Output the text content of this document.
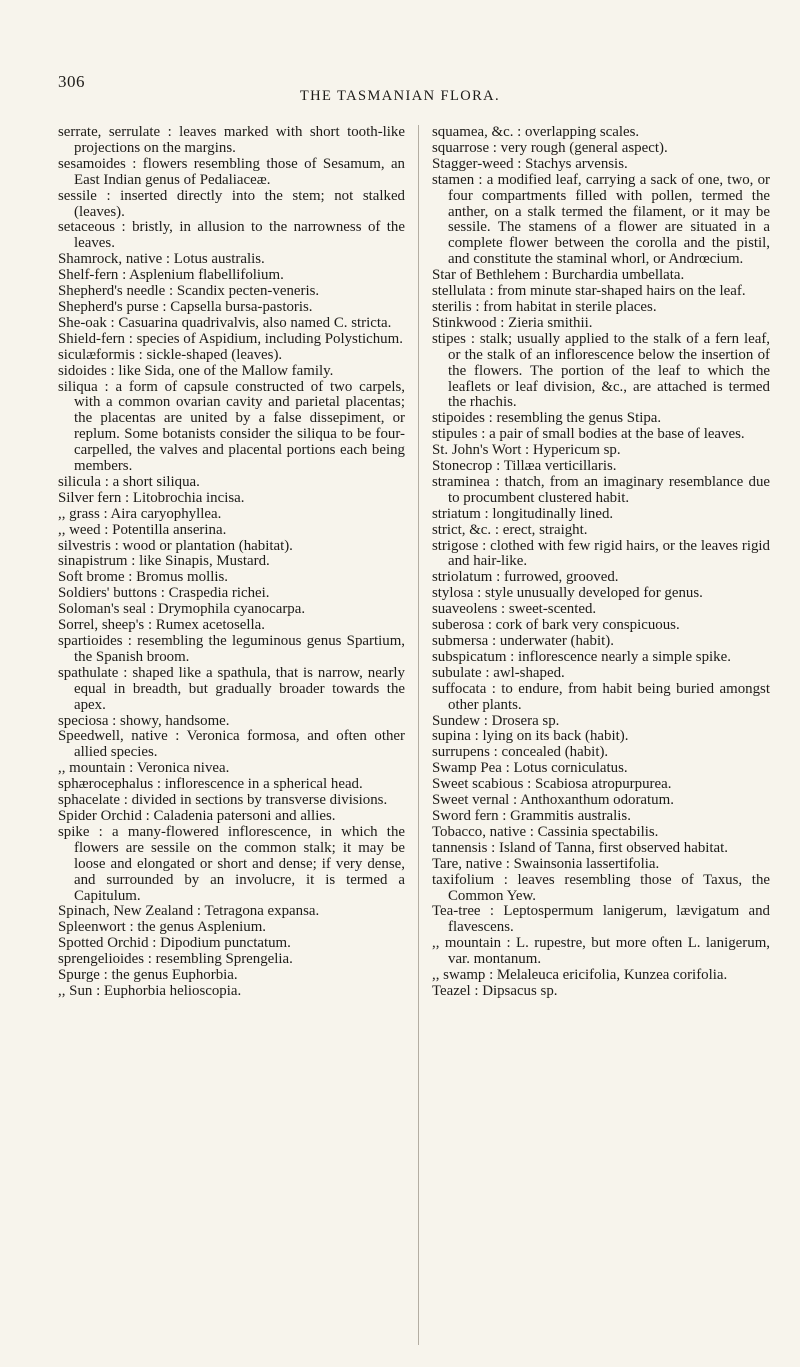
306
THE TASMANIAN FLORA.

serrate, serrulate : leaves marked with short tooth-like projections on the margins.

sesamoides : flowers resembling those of Sesamum, an East Indian genus of Pedaliaceæ.

sessile : inserted directly into the stem; not stalked (leaves).

setaceous : bristly, in allusion to the narrowness of the leaves.

Shamrock, native : Lotus australis.

Shelf-fern : Asplenium flabellifolium.

Shepherd's needle : Scandix pecten-veneris.

Shepherd's purse : Capsella bursa-pastoris.

She-oak : Casuarina quadrivalvis, also named C. stricta.

Shield-fern : species of Aspidium, including Polystichum.

siculæformis : sickle-shaped (leaves).

sidoides : like Sida, one of the Mallow family.

siliqua : a form of capsule constructed of two carpels, with a common ovarian cavity and parietal placentas; the placentas are united by a false dissepiment, or replum. Some botanists consider the siliqua to be four-carpelled, the valves and placental portions each being members.

silicula : a short siliqua.

Silver fern : Litobrochia incisa.

,, grass : Aira caryophyllea.

,, weed : Potentilla anserina.

silvestris : wood or plantation (habitat).

sinapistrum : like Sinapis, Mustard.

Soft brome : Bromus mollis.

Soldiers' buttons : Craspedia richei.

Soloman's seal : Drymophila cyanocarpa.

Sorrel, sheep's : Rumex acetosella.

spartioides : resembling the leguminous genus Spartium, the Spanish broom.

spathulate : shaped like a spathula, that is narrow, nearly equal in breadth, but gradually broader towards the apex.

speciosa : showy, handsome.

Speedwell, native : Veronica formosa, and often other allied species.

,, mountain : Veronica nivea.

sphærocephalus : inflorescence in a spherical head.

sphacelate : divided in sections by transverse divisions.

Spider Orchid : Caladenia patersoni and allies.

spike : a many-flowered inflorescence, in which the flowers are sessile on the common stalk; it may be loose and elongated or short and dense; if very dense, and surrounded by an involucre, it is termed a Capitulum.

Spinach, New Zealand : Tetragona expansa.

Spleenwort : the genus Asplenium.

Spotted Orchid : Dipodium punctatum.

sprengelioides : resembling Sprengelia.

Spurge : the genus Euphorbia.

,, Sun : Euphorbia helioscopia.

squamea, &c. : overlapping scales.

squarrose : very rough (general aspect).

Stagger-weed : Stachys arvensis.

stamen : a modified leaf, carrying a sack of one, two, or four compartments filled with pollen, termed the anther, on a stalk termed the filament, or it may be sessile. The stamens of a flower are situated in a complete flower between the corolla and the pistil, and constitute the staminal whorl, or Andrœcium.

Star of Bethlehem : Burchardia umbellata.

stellulata : from minute star-shaped hairs on the leaf.

sterilis : from habitat in sterile places.

Stinkwood : Zieria smithii.

stipes : stalk; usually applied to the stalk of a fern leaf, or the stalk of an inflorescence below the insertion of the flowers. The portion of the leaf to which the leaflets or leaf division, &c., are attached is termed the rhachis.

stipoides : resembling the genus Stipa.

stipules : a pair of small bodies at the base of leaves.

St. John's Wort : Hypericum sp.

Stonecrop : Tillæa verticillaris.

straminea : thatch, from an imaginary resemblance due to procumbent clustered habit.

striatum : longitudinally lined.

strict, &c. : erect, straight.

strigose : clothed with few rigid hairs, or the leaves rigid and hair-like.

striolatum : furrowed, grooved.

stylosa : style unusually developed for genus.

suaveolens : sweet-scented.

suberosa : cork of bark very conspicuous.

submersa : underwater (habit).

subspicatum : inflorescence nearly a simple spike.

subulate : awl-shaped.

suffocata : to endure, from habit being buried amongst other plants.

Sundew : Drosera sp.

supina : lying on its back (habit).

surrupens : concealed (habit).

Swamp Pea : Lotus corniculatus.

Sweet scabious : Scabiosa atropurpurea.

Sweet vernal : Anthoxanthum odoratum.

Sword fern : Grammitis australis.

Tobacco, native : Cassinia spectabilis.

tannensis : Island of Tanna, first observed habitat.

Tare, native : Swainsonia lassertifolia.

taxifolium : leaves resembling those of Taxus, the Common Yew.

Tea-tree : Leptospermum lanigerum, lævigatum and flavescens.

,, mountain : L. rupestre, but more often L. lanigerum, var. montanum.

,, swamp : Melaleuca ericifolia, Kunzea corifolia.

Teazel : Dipsacus sp.
